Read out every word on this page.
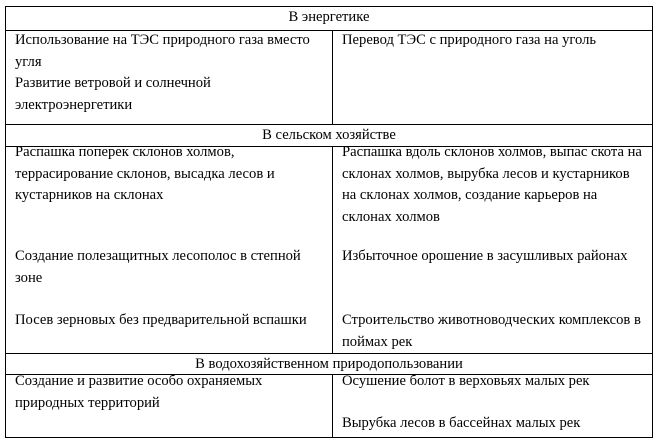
В энергетике

Использование на ТЭС природного газа вместо угля

Развитие ветровой и солнечной электроэнергетики

Перевод ТЭС с природного газа на уголь

В сельском хозяйстве

Распашка поперек склонов холмов, террасирование склонов, высадка лесов и кустарников на склонах

Создание полезащитных лесополос в степной зоне

Посев зерновых без предварительной вспашки

Распашка вдоль склонов холмов, выпас скота на склонах холмов, вырубка лесов и кустарников на склонах холмов, создание карьеров на склонах холмов

Избыточное орошение в засушливых районах

Строительство животноводческих комплексов в поймах рек

В водохозяйственном природопользовании

Создание и развитие особо охраняемых природных территорий

Осушение болот в верховьях малых рек

Вырубка лесов в бассейнах малых рек
